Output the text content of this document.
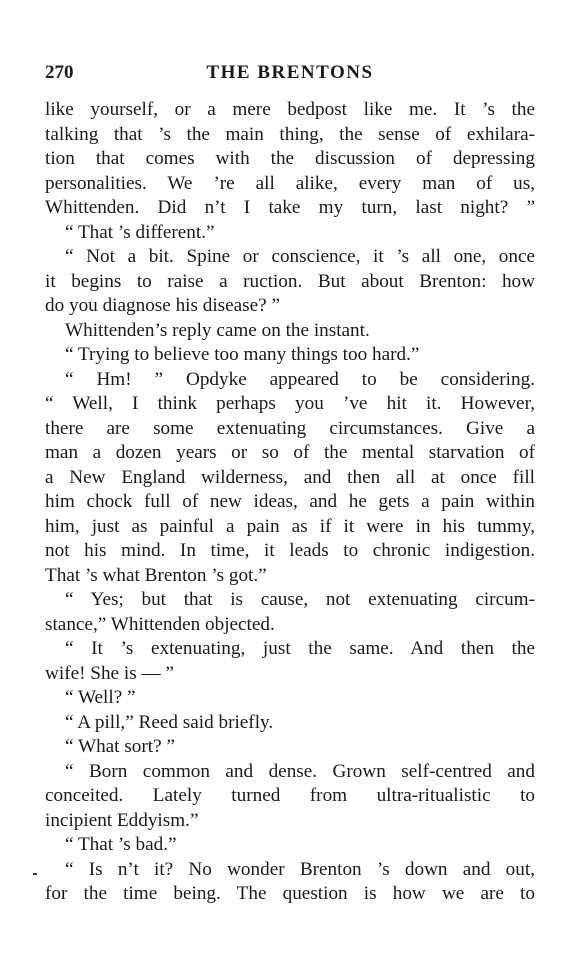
270	THE BRENTONS
like yourself, or a mere bedpost like me. It ’s the
talking that ’s the main thing, the sense of exhilara-
tion that comes with the discussion of depressing
personalities. We ’re all alike, every man of us,
Whittenden. Did n’t I take my turn, last night? ”
“ That ’s different.”
“ Not a bit. Spine or conscience, it ’s all one, once
it begins to raise a ruction. But about Brenton: how
do you diagnose his disease? ”
Whittenden’s reply came on the instant.
“ Trying to believe too many things too hard.”
“ Hm! ” Opdyke appeared to be considering.
“ Well, I think perhaps you ’ve hit it. However,
there are some extenuating circumstances. Give a
man a dozen years or so of the mental starvation of
a New England wilderness, and then all at once fill
him chock full of new ideas, and he gets a pain within
him, just as painful a pain as if it were in his tummy,
not his mind. In time, it leads to chronic indigestion.
That ’s what Brenton ’s got.”
“ Yes; but that is cause, not extenuating circum-
stance,” Whittenden objected.
“ It ’s extenuating, just the same. And then the
wife! She is — ”
“ Well? ”
“ A pill,” Reed said briefly.
“ What sort? ”
“ Born common and dense. Grown self-centred and
conceited. Lately turned from ultra-ritualistic to
incipient Eddyism.”
“ That ’s bad.”
“ Is n’t it? No wonder Brenton ’s down and out,
for the time being. The question is how we are to
